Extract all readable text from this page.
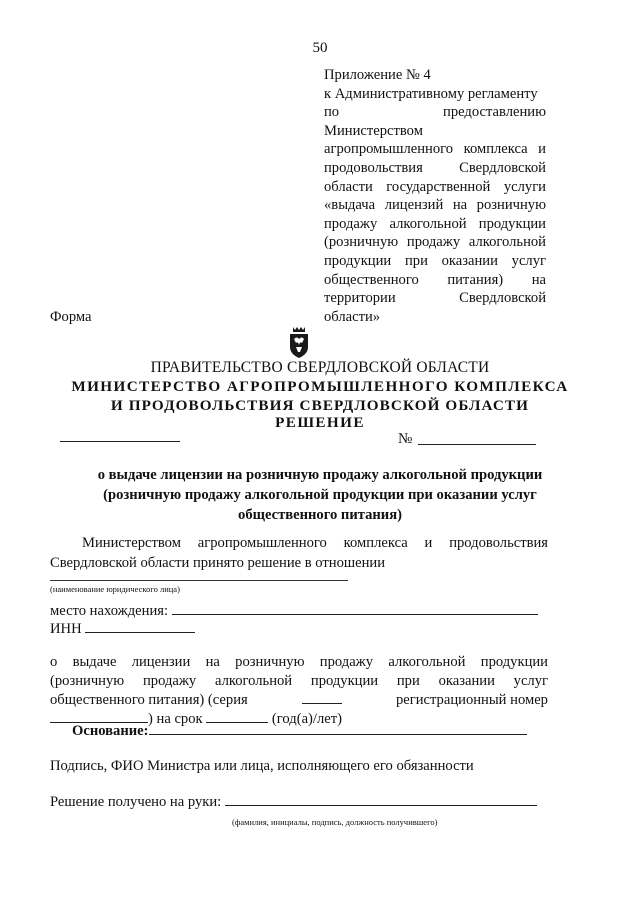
50
Приложение № 4
к Административному регламенту
по предоставлению
Министерством
агропромышленного комплекса и
продовольствия Свердловской
области государственной услуги
«выдача лицензий на розничную
продажу алкогольной продукции
(розничную продажу алкогольной
продукции при оказании услуг
общественного питания) на
территории Свердловской
области»
Форма
ПРАВИТЕЛЬСТВО СВЕРДЛОВСКОЙ ОБЛАСТИ
МИНИСТЕРСТВО АГРОПРОМЫШЛЕННОГО КОМПЛЕКСА
И ПРОДОВОЛЬСТВИЯ СВЕРДЛОВСКОЙ ОБЛАСТИ
РЕШЕНИЕ
№
о выдаче лицензии на розничную продажу алкогольной продукции
(розничную продажу алкогольной продукции при оказании услуг
общественного питания)
Министерством агропромышленного комплекса и продовольствия
Свердловской области принято решение в отношении
(наименование юридического лица)
место нахождения:
ИНН
о выдаче лицензии на розничную продажу алкогольной продукции
(розничную продажу алкогольной продукции при оказании услуг
общественного питания) (серия	регистрационный номер
) на срок	(год(а)/лет)
Основание:
Подпись, ФИО Министра или лица, исполняющего его обязанности
Решение получено на руки:
(фамилия, инициалы, подпись, должность получившего)
